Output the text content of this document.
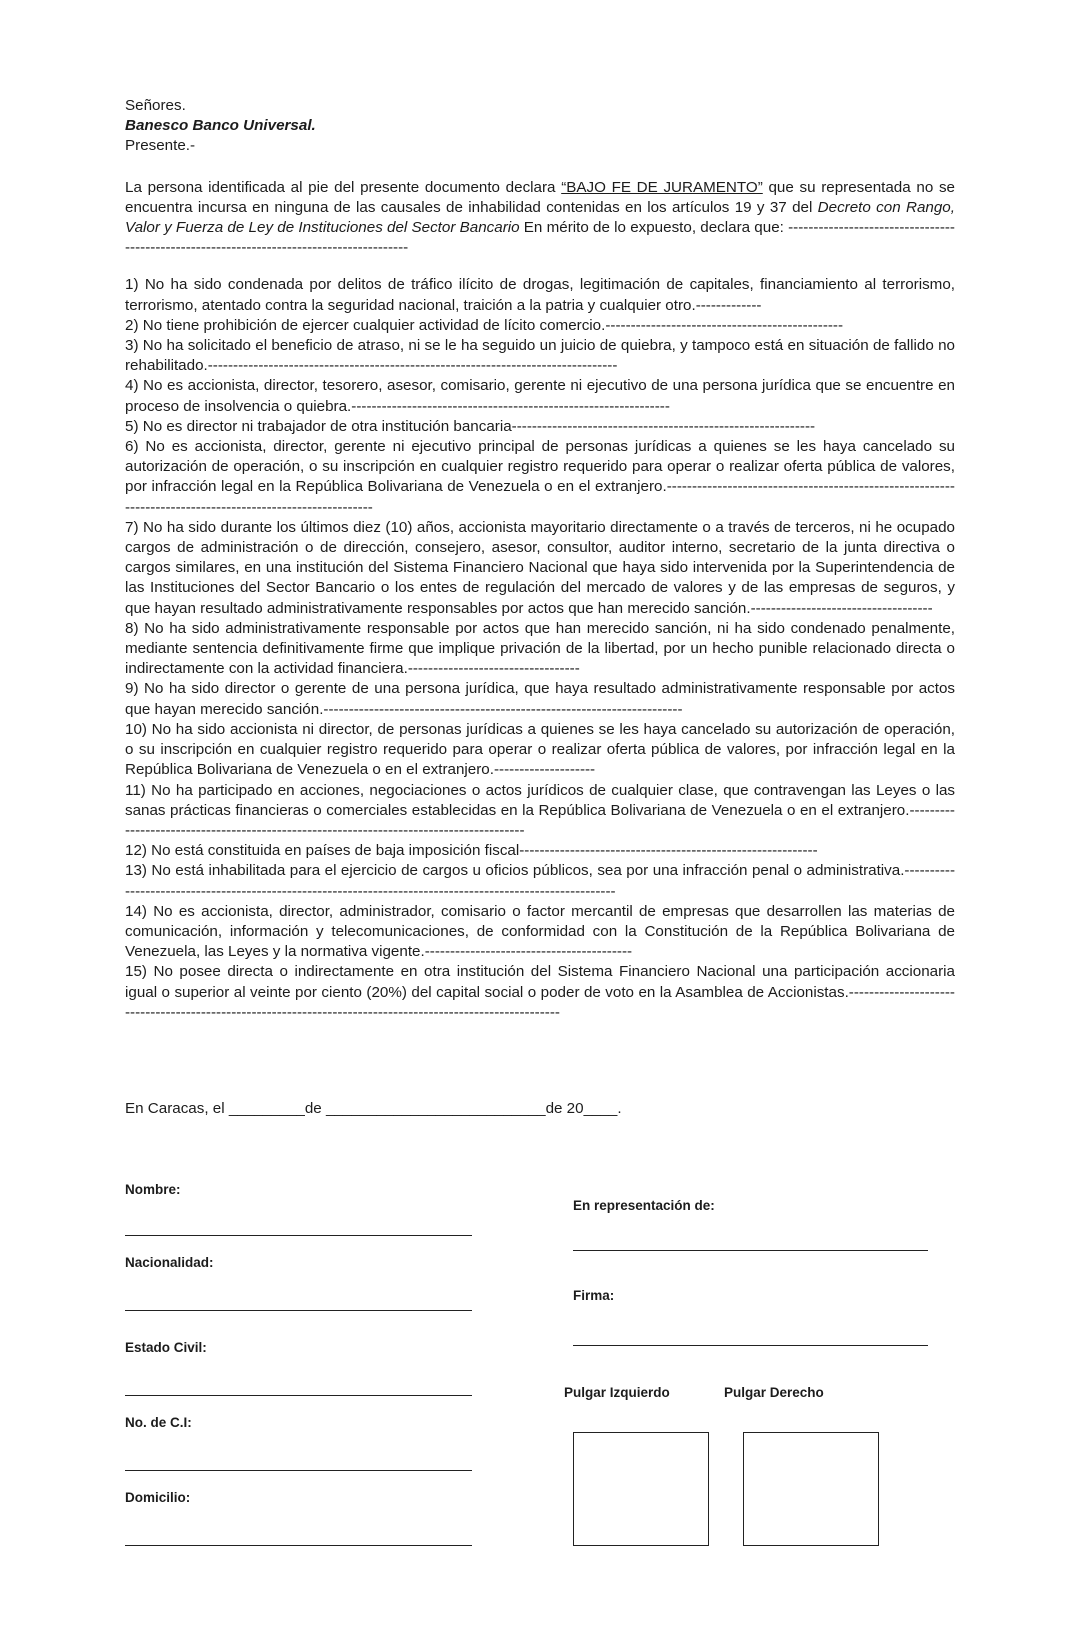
Señores.

Banesco Banco Universal.

Presente.-

La persona identificada al pie del presente documento declara “BAJO FE DE JURAMENTO” que su representada no se encuentra incursa en ninguna de las causales de inhabilidad contenidas en los artículos 19 y 37 del Decreto con Rango, Valor y Fuerza de Ley de Instituciones del Sector Bancario En mérito de lo expuesto, declara que: -----------------------------------------------------------------------------------------

1) No ha sido condenada por delitos de tráfico ilícito de drogas, legitimación de capitales, financiamiento al terrorismo, terrorismo, atentado contra la seguridad nacional, traición a la patria y cualquier otro.-------------

2) No tiene prohibición de ejercer cualquier actividad de lícito comercio.-----------------------------------------------

3) No ha solicitado el beneficio de atraso, ni se le ha seguido un juicio de quiebra, y tampoco está en situación de fallido no rehabilitado.---------------------------------------------------------------------------------

4) No es accionista, director, tesorero, asesor, comisario, gerente ni ejecutivo de una persona jurídica que se encuentre en proceso de insolvencia o quiebra.---------------------------------------------------------------

5) No es director ni trabajador de otra institución bancaria------------------------------------------------------------

6) No es accionista, director, gerente ni ejecutivo principal de personas jurídicas a quienes se les haya cancelado su autorización de operación, o su inscripción en cualquier registro requerido para operar o realizar oferta pública de valores, por infracción legal en la República Bolivariana de Venezuela o en el extranjero.----------------------------------------------------------------------------------------------------------

7) No ha sido durante los últimos diez (10) años, accionista mayoritario directamente o a través de terceros, ni he ocupado cargos de administración o de dirección, consejero, asesor, consultor, auditor interno, secretario de la junta directiva o cargos similares, en una institución del Sistema Financiero Nacional que haya sido intervenida por la Superintendencia de las Instituciones del Sector Bancario o los entes de regulación del mercado de valores y de las empresas de seguros, y que hayan resultado administrativamente responsables por actos que han merecido sanción.------------------------------------

8) No ha sido administrativamente responsable por actos que han merecido sanción, ni ha sido condenado penalmente, mediante sentencia definitivamente firme que implique privación de la libertad, por un hecho punible relacionado directa o indirectamente con la actividad financiera.----------------------------------

9) No ha sido director o gerente de una persona jurídica, que haya resultado administrativamente responsable por actos que hayan merecido sanción.-----------------------------------------------------------------------

10) No ha sido accionista ni director, de personas jurídicas a quienes se les haya cancelado su autorización de operación, o su inscripción en cualquier registro requerido para operar o realizar oferta pública de valores, por infracción legal en la República Bolivariana de Venezuela o en el extranjero.--------------------

11) No ha participado en acciones, negociaciones o actos jurídicos de cualquier clase, que contravengan las Leyes o las sanas prácticas financieras o comerciales establecidas en la República Bolivariana de Venezuela o en el extranjero.----------------------------------------------------------------------------------------

12) No está constituida en países de baja imposición fiscal-----------------------------------------------------------

13) No está inhabilitada para el ejercicio de cargos u oficios públicos, sea por una infracción penal o administrativa.-----------------------------------------------------------------------------------------------------------

14) No es accionista, director, administrador, comisario o factor mercantil de empresas que desarrollen las materias de comunicación, información y telecomunicaciones, de conformidad con la Constitución de la República Bolivariana de Venezuela, las Leyes y la normativa vigente.-----------------------------------------

15) No posee directa o indirectamente en otra institución del Sistema Financiero Nacional una participación accionaria igual o superior al veinte por ciento (20%) del capital social o poder de voto en la Asamblea de Accionistas.-----------------------------------------------------------------------------------------------------------

En Caracas, el _________de __________________________de 20____.
Nombre:
Nacionalidad:
Estado Civil:
No. de C.I:
Domicilio:
En representación de:
Firma:
Pulgar Izquierdo	Pulgar Derecho
